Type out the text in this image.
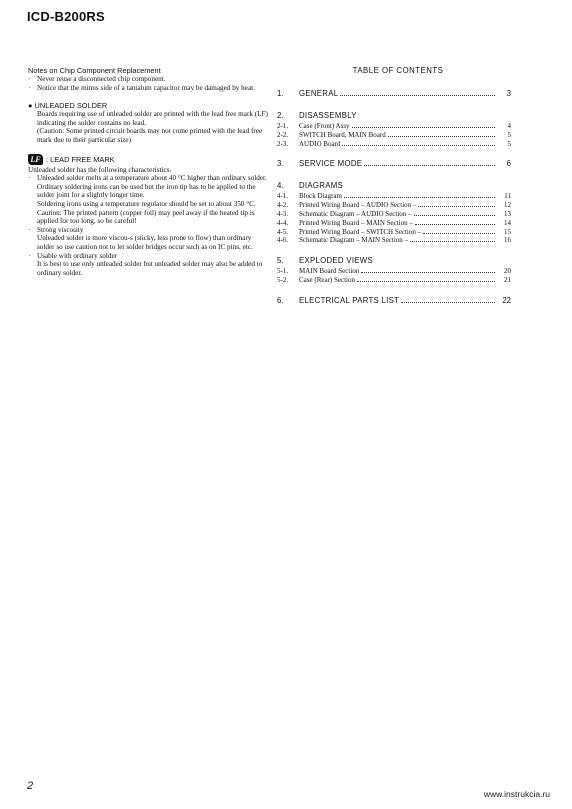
ICD-B200RS

Notes on Chip Component Replacement

· Never reuse a disconnected chip component.

· Notice that the minus side of a tantalum capacitor may be damaged by heat.

● UNLEADED SOLDER

Boards requiring use of unleaded solder are printed with the lead free mark (LF) indicating the solder contains no lead.

(Caution: Some printed circuit boards may not come printed with the lead free mark due to their particular size)

LF : LEAD FREE MARK

Unleaded solder has the following characteristics.

· Unleaded solder melts at a temperature about 40 °C higher than ordinary solder.

Ordinary soldering irons can be used but the iron tip has to be applied to the solder joint for a slightly longer time.

Soldering irons using a temperature regulator should be set to about 350 °C.

Caution: The printed pattern (copper foil) may peel away if the heated tip is applied for too long, so be careful!

· Strong viscosity

Unleaded solder is more viscou-s (sticky, less prone to flow) than ordinary solder so use caution not to let solder bridges occur such as on IC pins, etc.

· Usable with ordinary solder

It is best to use only unleaded solder but unleaded solder may also be added to ordinary solder.

TABLE OF CONTENTS
1.	GENERAL	3
2.	DISASSEMBLY
2-1.	Case (Front) Assy	4
2-2.	SWITCH Board, MAIN Board	5
2-3.	AUDIO Board	5
3.	SERVICE MODE	6
4.	DIAGRAMS
4-1.	Block Diagram	11
4-2.	Printed Wiring Board – AUDIO Section –	12
4-3.	Schematic Diagram – AUDIO Section –	13
4-4.	Printed Wiring Board – MAIN Section –	14
4-5.	Printed Wiring Board – SWITCH Section –	15
4-6.	Schematic Diagram – MAIN Section –	16
5.	EXPLODED VIEWS
5-1.	MAIN Board Section	20
5-2.	Case (Rear) Section	21
6.	ELECTRICAL PARTS LIST	22
2
www.instrukcia.ru
